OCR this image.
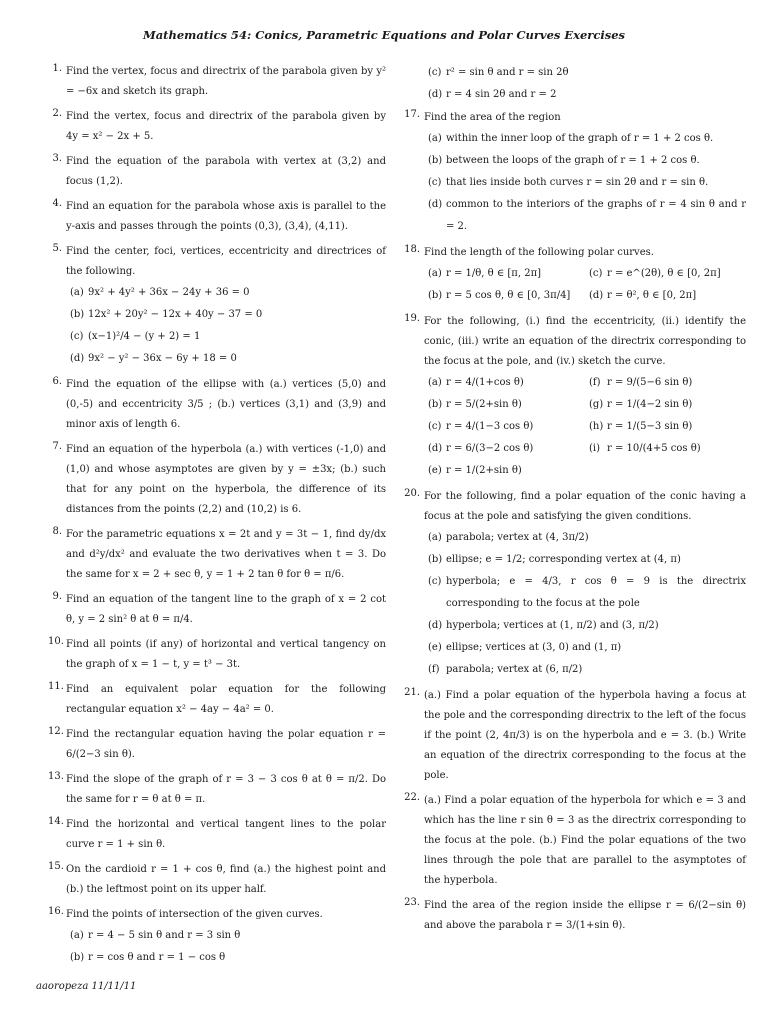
Mathematics 54: Conics, Parametric Equations and Polar Curves Exercises
1. Find the vertex, focus and directrix of the parabola given by y² = −6x and sketch its graph.
2. Find the vertex, focus and directrix of the parabola given by 4y = x² − 2x + 5.
3. Find the equation of the parabola with vertex at (3,2) and focus (1,2).
4. Find an equation for the parabola whose axis is parallel to the y-axis and passes through the points (0,3), (3,4), (4,11).
5. Find the center, foci, vertices, eccentricity and directrices of the following.
(a) 9x² + 4y² + 36x − 24y + 36 = 0
(b) 12x² + 20y² − 12x + 40y − 37 = 0
(c) (x−1)²/4 − (y + 2) = 1
(d) 9x² − y² − 36x − 6y + 18 = 0
6. Find the equation of the ellipse with (a.) vertices (5,0) and (0,-5) and eccentricity 3/5 ; (b.) vertices (3,1) and (3,9) and minor axis of length 6.
7. Find an equation of the hyperbola (a.) with vertices (-1,0) and (1,0) and whose asymptotes are given by y = ±3x; (b.) such that for any point on the hyperbola, the difference of its distances from the points (2,2) and (10,2) is 6.
8. For the parametric equations x = 2t and y = 3t − 1, find dy/dx and d²y/dx² and evaluate the two derivatives when t = 3. Do the same for x = 2 + sec θ, y = 1 + 2 tan θ for θ = π/6.
9. Find an equation of the tangent line to the graph of x = 2 cot θ, y = 2 sin² θ at θ = π/4.
10. Find all points (if any) of horizontal and vertical tangency on the graph of x = 1 − t, y = t³ − 3t.
11. Find an equivalent polar equation for the following rectangular equation x² − 4ay − 4a² = 0.
12. Find the rectangular equation having the polar equation r = 6/(2−3 sin θ).
13. Find the slope of the graph of r = 3 − 3 cos θ at θ = π/2. Do the same for r = θ at θ = π.
14. Find the horizontal and vertical tangent lines to the polar curve r = 1 + sin θ.
15. On the cardioid r = 1 + cos θ, find (a.) the highest point and (b.) the leftmost point on its upper half.
16. Find the points of intersection of the given curves.
(a) r = 4 − 5 sin θ and r = 3 sin θ
(b) r = cos θ and r = 1 − cos θ
(c) r² = sin θ and r = sin 2θ
(d) r = 4 sin 2θ and r = 2
17. Find the area of the region
(a) within the inner loop of the graph of r = 1 + 2 cos θ.
(b) between the loops of the graph of r = 1 + 2 cos θ.
(c) that lies inside both curves r = sin 2θ and r = sin θ.
(d) common to the interiors of the graphs of r = 4 sin θ and r = 2.
18. Find the length of the following polar curves.
(a) r = 1/θ, θ ∈ [π, 2π]	(c) r = e^(2θ), θ ∈ [0, 2π]
(b) r = 5 cos θ, θ ∈ [0, 3π/4]	(d) r = θ², θ ∈ [0, 2π]
19. For the following, (i.) find the eccentricity, (ii.) identify the conic, (iii.) write an equation of the directrix corresponding to the focus at the pole, and (iv.) sketch the curve.
(a) r = 4/(1+cos θ)	(f) r = 9/(5−6 sin θ)
(b) r = 5/(2+sin θ)	(g) r = 1/(4−2 sin θ)
(c) r = 4/(1−3 cos θ)	(h) r = 1/(5−3 sin θ)
(d) r = 6/(3−2 cos θ)	(i) r = 10/(4+5 cos θ)
(e) r = 1/(2+sin θ)
20. For the following, find a polar equation of the conic having a focus at the pole and satisfying the given conditions.
(a) parabola; vertex at (4, 3π/2)
(b) ellipse; e = 1/2; corresponding vertex at (4, π)
(c) hyperbola; e = 4/3, r cos θ = 9 is the directrix corresponding to the focus at the pole
(d) hyperbola; vertices at (1, π/2) and (3, π/2)
(e) ellipse; vertices at (3, 0) and (1, π)
(f) parabola; vertex at (6, π/2)
21. (a.) Find a polar equation of the hyperbola having a focus at the pole and the corresponding directrix to the left of the focus if the point (2, 4π/3) is on the hyperbola and e = 3. (b.) Write an equation of the directrix corresponding to the focus at the pole.
22. (a.) Find a polar equation of the hyperbola for which e = 3 and which has the line r sin θ = 3 as the directrix corresponding to the focus at the pole. (b.) Find the polar equations of the two lines through the pole that are parallel to the asymptotes of the hyperbola.
23. Find the area of the region inside the ellipse r = 6/(2−sin θ) and above the parabola r = 3/(1+sin θ).
aaoropeza 11/11/11
